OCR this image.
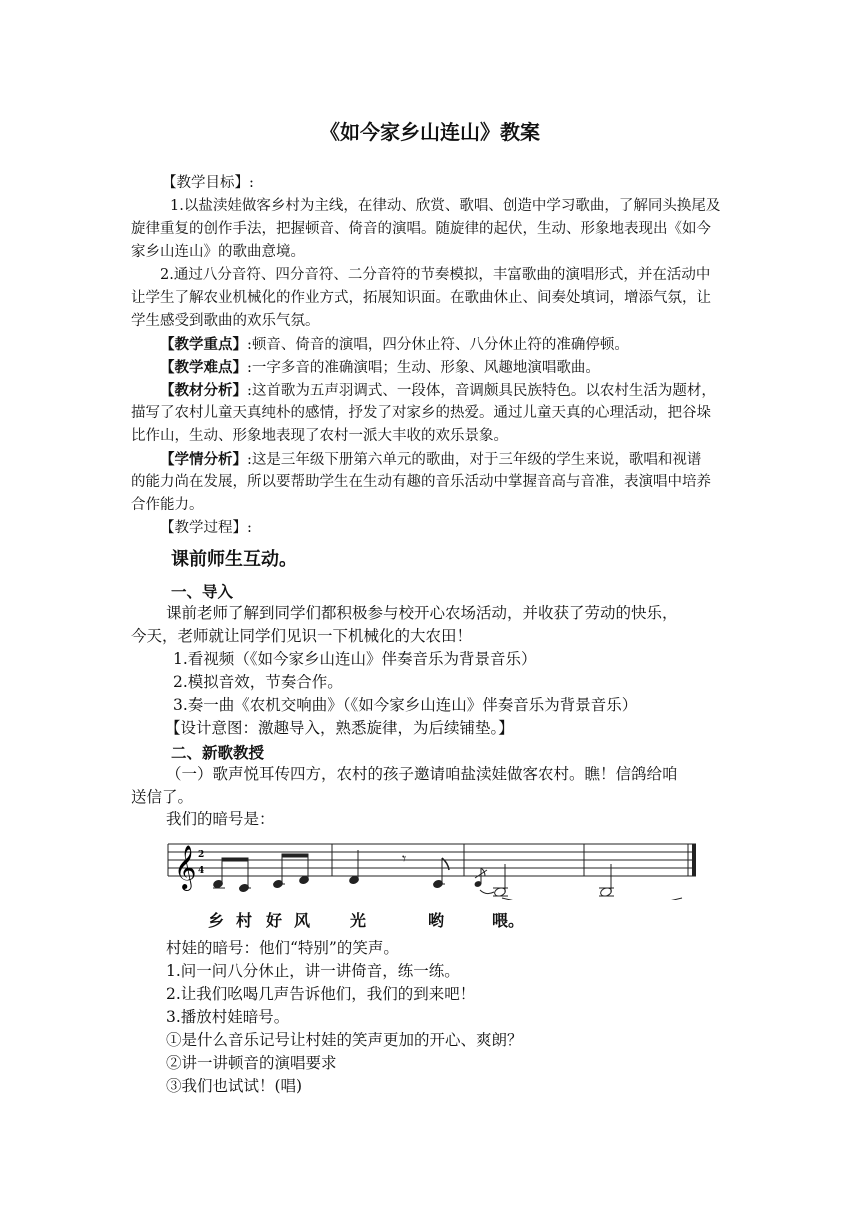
《如今家乡山连山》教案
【教学目标】:
1.以盐渎娃做客乡村为主线，在律动、欣赏、歌唱、创造中学习歌曲，了解同头换尾及
旋律重复的创作手法，把握顿音、倚音的演唱。随旋律的起伏，生动、形象地表现出《如今
家乡山连山》的歌曲意境。
2.通过八分音符、四分音符、二分音符的节奏模拟，丰富歌曲的演唱形式，并在活动中
让学生了解农业机械化的作业方式，拓展知识面。在歌曲休止、间奏处填词，增添气氛，让
学生感受到歌曲的欢乐气氛。
【教学重点】:顿音、倚音的演唱，四分休止符、八分休止符的准确停顿。
【教学难点】:一字多音的准确演唱；生动、形象、风趣地演唱歌曲。
【教材分析】:这首歌为五声羽调式、一段体，音调颇具民族特色。以农村生活为题材，
描写了农村儿童天真纯朴的感情，抒发了对家乡的热爱。通过儿童天真的心理活动，把谷垛
比作山，生动、形象地表现了农村一派大丰收的欢乐景象。
【学情分析】:这是三年级下册第六单元的歌曲，对于三年级的学生来说，歌唱和视谱
的能力尚在发展，所以要帮助学生在生动有趣的音乐活动中掌握音高与音准，表演唱中培养
合作能力。
【教学过程】:
课前师生互动。
一、导入
课前老师了解到同学们都积极参与校开心农场活动，并收获了劳动的快乐，
今天，老师就让同学们见识一下机械化的大农田！
1.看视频（《如今家乡山连山》伴奏音乐为背景音乐）
2.模拟音效，节奏合作。
3.奏一曲《农机交响曲》（《如今家乡山连山》伴奏音乐为背景音乐）
【设计意图：激趣导入，熟悉旋律，为后续铺垫。】
二、新歌教授
（一）歌声悦耳传四方，农村的孩子邀请咱盐渎娃做客农村。瞧！信鸽给咱
送信了。
我们的暗号是：
𝄞 2
4
𝄾
乡 村 好 风 光	哟	喂。
村娃的暗号：他们“特别”的笑声。
1.问一问八分休止，讲一讲倚音，练一练。
2.让我们吆喝几声告诉他们，我们的到来吧！
3.播放村娃暗号。
①是什么音乐记号让村娃的笑声更加的开心、爽朗？
②讲一讲顿音的演唱要求
③我们也试试！(唱)
